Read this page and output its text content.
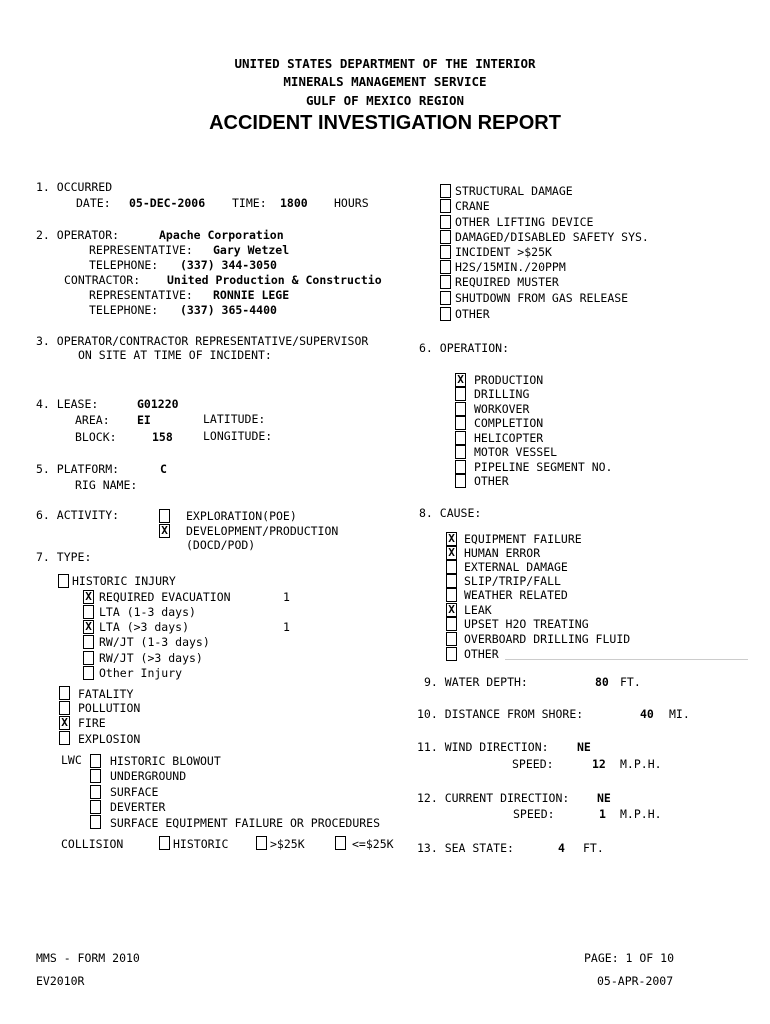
UNITED STATES DEPARTMENT OF THE INTERIOR
MINERALS MANAGEMENT SERVICE
GULF OF MEXICO REGION
ACCIDENT INVESTIGATION REPORT
1. OCCURRED
DATE: 05-DEC-2006 TIME: 1800 HOURS
2. OPERATOR:	Apache Corporation
REPRESENTATIVE: Gary Wetzel
TELEPHONE: (337) 344-3050
CONTRACTOR: United Production & Constructio
REPRESENTATIVE: RONNIE LEGE
TELEPHONE: (337) 365-4400
3. OPERATOR/CONTRACTOR REPRESENTATIVE/SUPERVISOR
ON SITE AT TIME OF INCIDENT:
4. LEASE:	G01220
AREA: EI	LATITUDE:
BLOCK:	158	LONGITUDE:
5. PLATFORM:	C
RIG NAME:
6. ACTIVITY:	EXPLORATION(POE)
X DEVELOPMENT/PRODUCTION
(DOCD/POD)
7. TYPE:
HISTORIC INJURY
X REQUIRED EVACUATION	1
LTA (1-3 days)
X LTA (>3 days)	1
RW/JT (1-3 days)
RW/JT (>3 days)
Other Injury
FATALITY
POLLUTION
X FIRE
EXPLOSION
LWC HISTORIC BLOWOUT
UNDERGROUND
SURFACE
DEVERTER
SURFACE EQUIPMENT FAILURE OR PROCEDURES
COLLISION	HISTORIC	>$25K	<=$25K
STRUCTURAL DAMAGE
CRANE
OTHER LIFTING DEVICE
DAMAGED/DISABLED SAFETY SYS.
INCIDENT >$25K
H2S/15MIN./20PPM
REQUIRED MUSTER
SHUTDOWN FROM GAS RELEASE
OTHER
6. OPERATION:
X PRODUCTION
DRILLING
WORKOVER
COMPLETION
HELICOPTER
MOTOR VESSEL
PIPELINE SEGMENT NO.
OTHER
8. CAUSE:
X EQUIPMENT FAILURE
X HUMAN ERROR
EXTERNAL DAMAGE
SLIP/TRIP/FALL
WEATHER RELATED
X LEAK
UPSET H2O TREATING
OVERBOARD DRILLING FLUID
OTHER
9. WATER DEPTH:	80 FT.
10. DISTANCE FROM SHORE:	40 MI.
11. WIND DIRECTION: NE
SPEED:	12 M.P.H.
12. CURRENT DIRECTION: NE
SPEED:	1 M.P.H.
13. SEA STATE:	4 FT.
MMS - FORM 2010
EV2010R
PAGE: 1 OF 10
05-APR-2007
